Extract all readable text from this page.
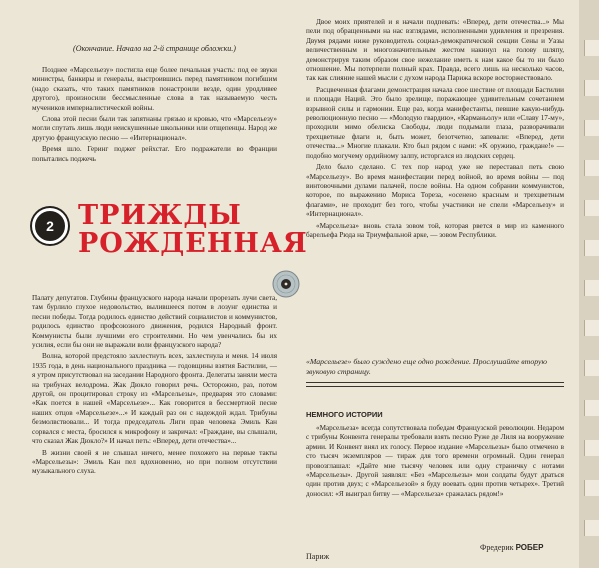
(Окончание. Начало на 2-й странице обложки.)

Позднее «Марсельезу» постигла еще более печальная участь: под ее звуки министры, банкиры и генералы, выстроившись перед памятником погибшим (надо сказать, что таких памятников понастроили везде, один уродливее другого), произносили бессмысленные слова в так называемую честь мучеников империалистической войны.

Слова этой песни были так запятнаны грязью и кровью, что «Марсельезу» могли спутать лишь люди неискушенные школьники или отщепенцы. Народ же другую французскую песню — «Интернационал».

Время шло. Геринг поджег рейхстаг. Его подражатели во Франции попытались поджечь

2 ТРИЖДЫ
РОЖДЕННАЯ

Палату депутатов. Глубины французского народа начали прорезать лучи света, там бурлило глухое недовольство, вылившееся потом в лозунг единства и песни победы. Тогда родилось единство действий социалистов и коммунистов, родилось единство профсоюзного движения, родился Народный фронт. Коммунисты были лучшими его строителями. Но чем увенчались бы их усилия, если бы они не выражали воли французского народа?

Волна, которой предстояло захлестнуть всех, захлестнула и меня. 14 июля 1935 года, в день национального праздника — годовщины взятия Бастилии, — я утром присутствовал на заседании Народного фронта. Делегаты заняли места на трибунах велодрома. Жак Дюкло говорил речь. Осторожно, раз, потом другой, он процитировал строку из «Марсельезы», предваряя это словами: «Как поется в нашей «Марсельезе»... Как говорится в бессмертной песне наших отцов «Марсельезе»...» И каждый раз он с надеждой ждал. Трибуны безмолвствовали... И тогда председатель Лиги прав человека Эмиль Кан сорвался с места, бросился к микрофону и закричал: «Граждане, вы слышали, что сказал Жак Дюкло?» И начал петь: «Вперед, дети отечества»...

В жизни своей я не слышал ничего, менее похожего на первые такты «Марсельезы»: Эмиль Кан пел вдохновенно, но при полном отсутствии музыкального слуха.

Двое моих приятелей и я начали подпевать: «Вперед, дети отечества...» Мы пели под обращенными на нас взглядами, исполненными удивления и презрения. Двумя рядами ниже руководитель социал-демократической секции Сены и Уазы величественным и многозначительным жестом накинул на голову шляпу, демонстрируя таким образом свое нежелание иметь к нам какое бы то ни было отношение. Мы потерпели полный крах. Правда, всего лишь на несколько часов, так как слияние нашей мысли с духом народа Парижа вскоре восторжествовало.

Расцвеченная флагами демонстрация начала свое шествие от площади Бастилии и площади Наций. Это было зрелище, поражающее удивительным сочетанием взрывной силы и гармонии. Еще раз, когда манифестанты, певшие какую-нибудь революционную песню — «Молодую гвардию», «Карманьолу» или «Славу 17-му», проходили мимо обелиска Свободы, люди подымали глаза, разворачивали трехцветные флаги и, быть может, безотчетно, запевали: «Вперед, дети отечества...» Многие плакали. Кто был рядом с нами: «К оружию, граждане!» — подобно могучему ордийному залпу, исторгался из людских сердец.

Дело было сделано. С тех пор народ уже не переставал петь свою «Марсельезу». Во время манифестации перед войной, во время войны — под винтовочными дулами палачей, после войны. На одном собрании коммунистов, которое, по выражению Мориса Тореза, «осенено красным и трехцветным флагами», не проходит без того, чтобы участники не спели «Марсельезу» и «Интернационал».

«Марсельеза» вновь стала зовом той, которая рвется в мир из каменного барельефа Рюда на Триумфальной арке, — зовом Республики.

«Марсельезе» было суждено еще одно рождение. Прослушайте вторую звуковую страницу.
НЕМНОГО ИСТОРИИ

«Марсельеза» всегда сопутствовала победам Французской революции. Недаром с трибуны Конвента генералы требовали взять песню Руже де Лиля на вооружение армии. И Конвент внял их голосу. Первое издание «Марсельезы» было отмечено в сто тысяч экземпляров — тираж для того времени огромный. Один генерал провозглашал: «Дайте мне тысячу человек или одну страничку с нотами «Марсельезы». Другой заявлял: «Без «Марсельезы» мои солдаты будут драться один против двух; с «Марсельезой» я буду воевать один против четырех». Третий доносил: «Я выиграл битву — «Марсельеза» сражалась рядом!»

Фредерик РОБЕР
Париж
